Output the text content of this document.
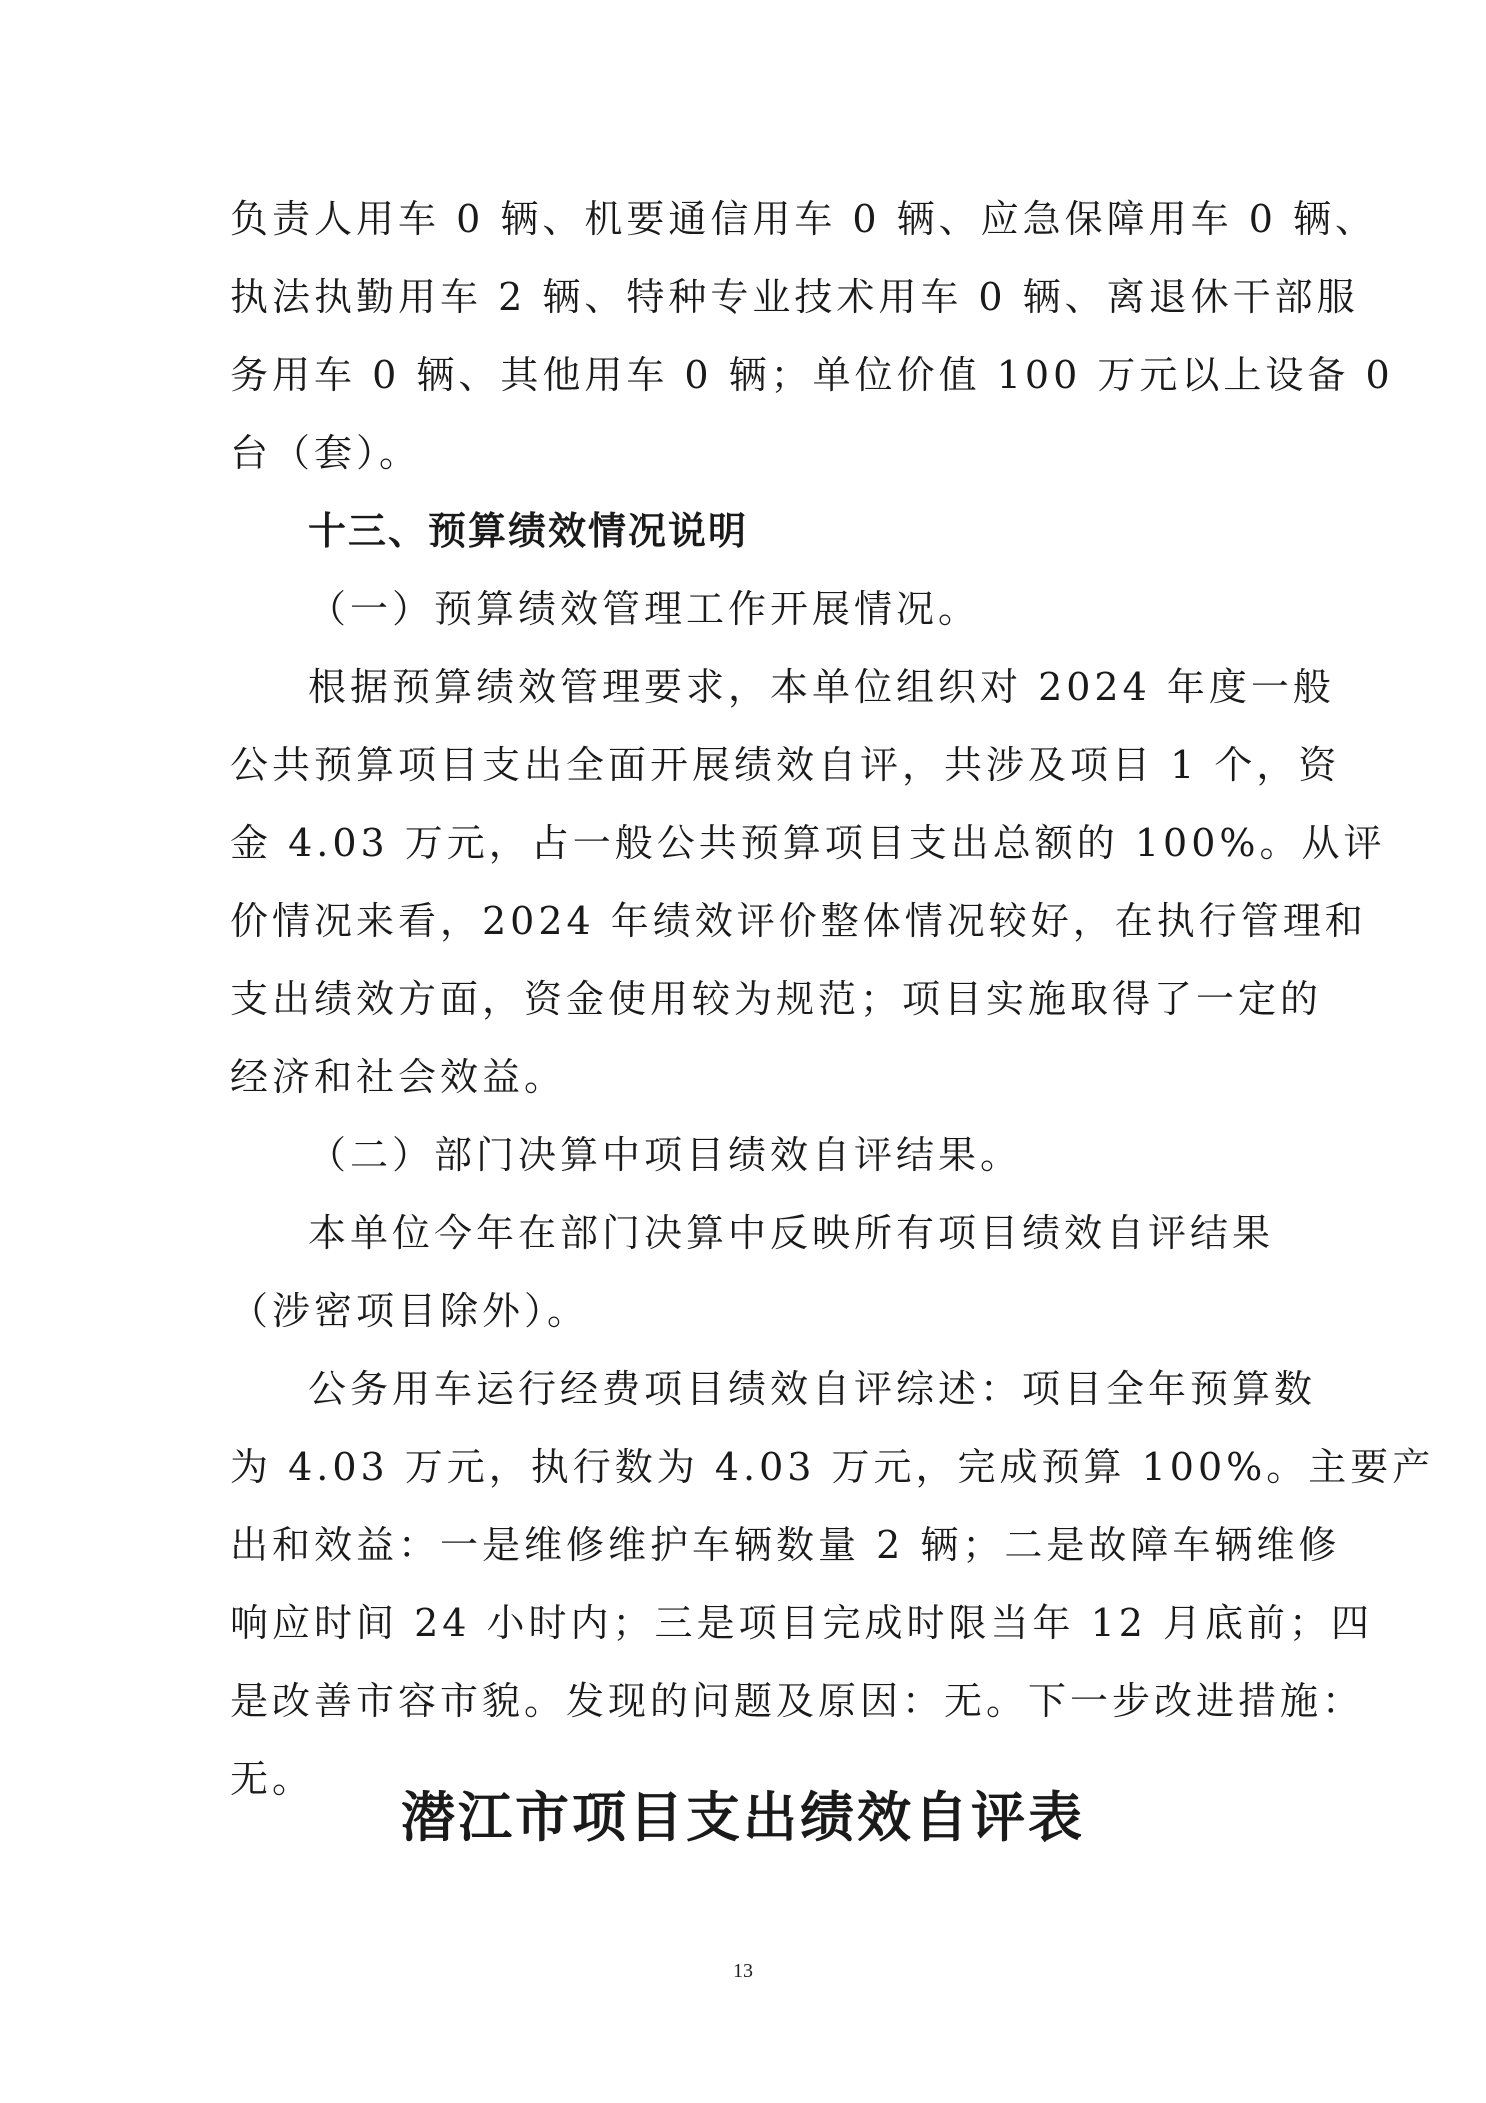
负责人用车 0 辆、机要通信用车 0 辆、应急保障用车 0 辆、

执法执勤用车 2 辆、特种专业技术用车 0 辆、离退休干部服

务用车 0 辆、其他用车 0 辆；单位价值 100 万元以上设备 0

台（套）。

十三、预算绩效情况说明

（一）预算绩效管理工作开展情况。

根据预算绩效管理要求，本单位组织对 2024 年度一般

公共预算项目支出全面开展绩效自评，共涉及项目 1 个，资

金 4.03 万元，占一般公共预算项目支出总额的 100%。从评

价情况来看，2024 年绩效评价整体情况较好，在执行管理和

支出绩效方面，资金使用较为规范；项目实施取得了一定的

经济和社会效益。

（二）部门决算中项目绩效自评结果。

本单位今年在部门决算中反映所有项目绩效自评结果

（涉密项目除外）。

公务用车运行经费项目绩效自评综述：项目全年预算数

为 4.03 万元，执行数为 4.03 万元，完成预算 100%。主要产

出和效益：一是维修维护车辆数量 2 辆；二是故障车辆维修

响应时间 24 小时内；三是项目完成时限当年 12 月底前；四

是改善市容市貌。发现的问题及原因：无。下一步改进措施：

无。

潜江市项目支出绩效自评表
13
